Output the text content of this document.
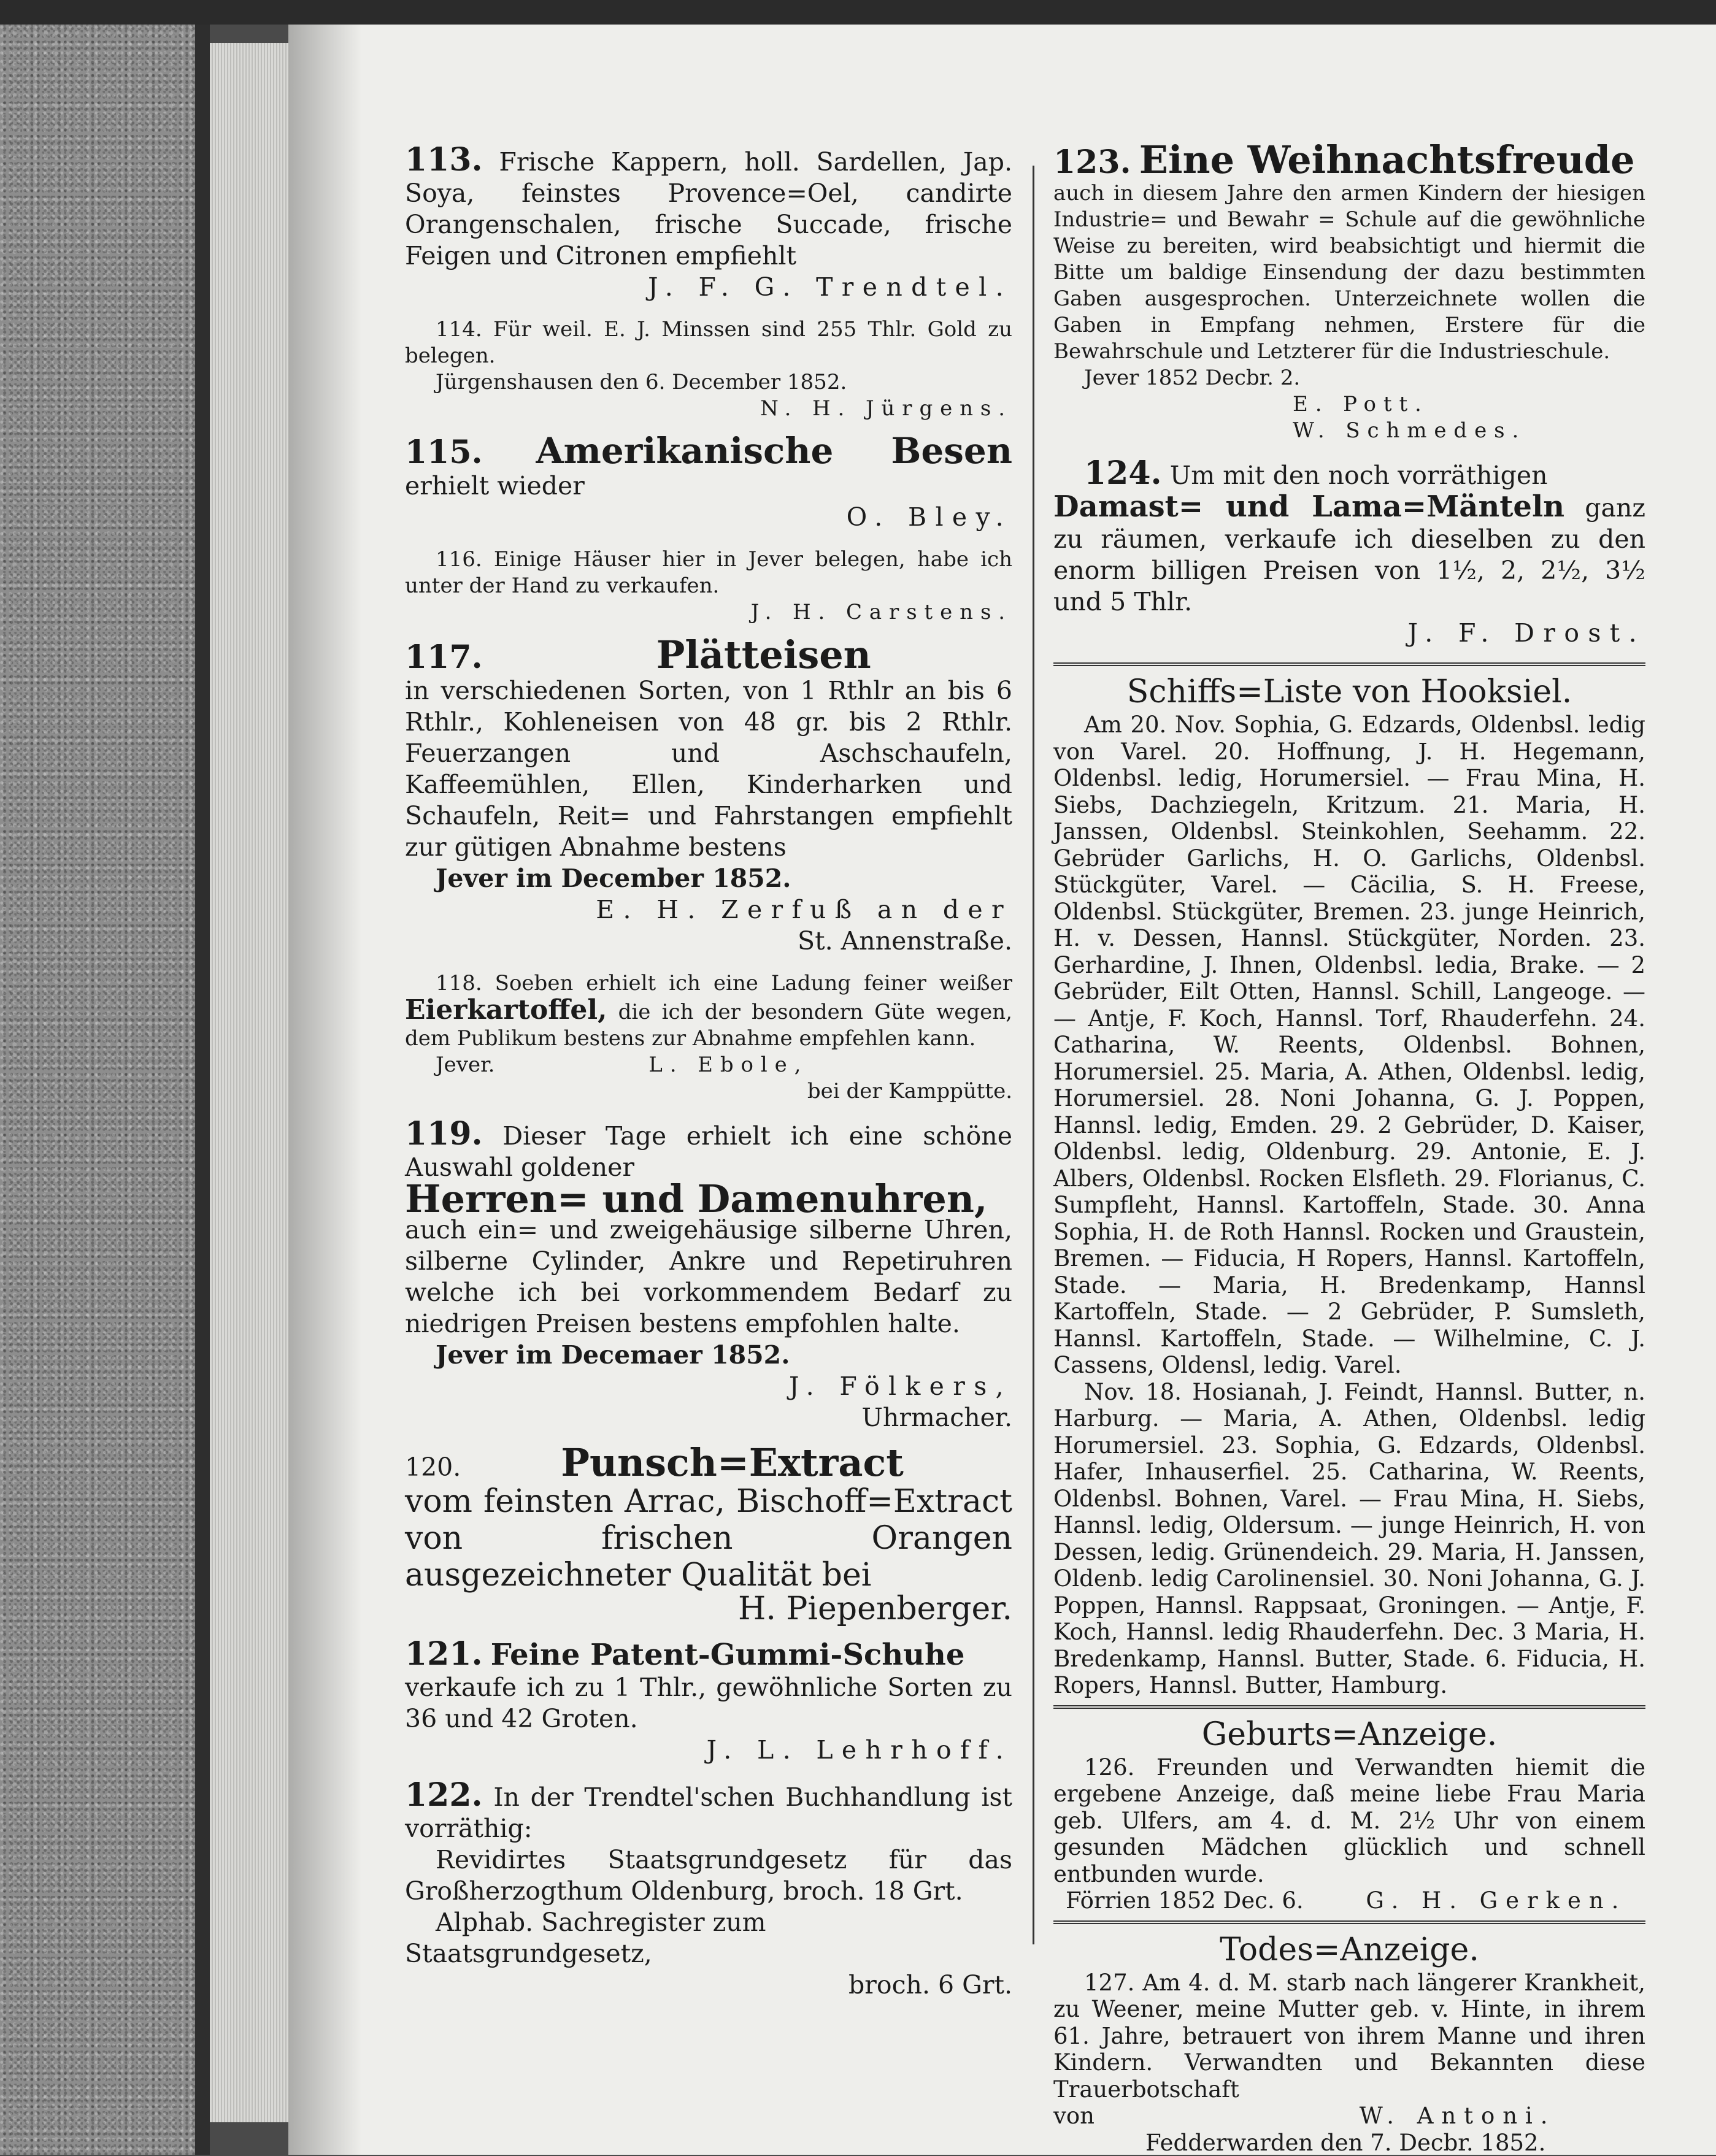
113. Frische Kappern, holl. Sardellen, Jap. Soya, feinstes Provence=Oel, candirte Orangenschalen, frische Succade, frische Feigen und Citronen empfiehlt

J. F. G. Trendtel.

114. Für weil. E. J. Minssen sind 255 Thlr. Gold zu belegen.

Jürgenshausen den 6. December 1852.

N. H. Jürgens.

115. Amerikanische Besen erhielt wieder

O. Bley.

116. Einige Häuser hier in Jever belegen, habe ich unter der Hand zu verkaufen.

J. H. Carstens.

117.	Plätteisen

in verschiedenen Sorten, von 1 Rthlr an bis 6 Rthlr., Kohleneisen von 48 gr. bis 2 Rthlr. Feuerzangen und Aschschaufeln, Kaffeemühlen, Ellen, Kinderharken und Schaufeln, Reit= und Fahrstangen empfiehlt zur gütigen Abnahme bestens

Jever im December 1852.

E. H. Zerfuß an der

St. Annenstraße.

118. Soeben erhielt ich eine Ladung feiner weißer Eierkartoffel, die ich der besondern Güte wegen, dem Publikum bestens zur Abnahme empfehlen kann.

Jever.	L. Ebole,

bei der Kamppütte.

119. Dieser Tage erhielt ich eine schöne Auswahl goldener

Herren= und Damenuhren,

auch ein= und zweigehäusige silberne Uhren, silberne Cylinder, Ankre und Repetiruhren welche ich bei vorkommendem Bedarf zu niedrigen Preisen bestens empfohlen halte.

Jever im Decemaer 1852.

J. Fölkers,

Uhrmacher.

120.	Punsch=Extract

vom feinsten Arrac, Bischoff=Extract von frischen Orangen ausgezeichneter Qualität bei

H. Piepenberger.

121. Feine Patent-Gummi-Schuhe

verkaufe ich zu 1 Thlr., gewöhnliche Sorten zu 36 und 42 Groten.

J. L. Lehrhoff.

122. In der Trendtel'schen Buchhandlung ist vorräthig:

Revidirtes Staatsgrundgesetz für das Großherzogthum Oldenburg, broch. 18 Grt.

Alphab. Sachregister zum Staatsgrundgesetz,

broch. 6 Grt.

123. Eine Weihnachtsfreude

auch in diesem Jahre den armen Kindern der hiesigen Industrie= und Bewahr = Schule auf die gewöhnliche Weise zu bereiten, wird beabsichtigt und hiermit die Bitte um baldige Einsendung der dazu bestimmten Gaben ausgesprochen. Unterzeichnete wollen die Gaben in Empfang nehmen, Erstere für die Bewahrschule und Letzterer für die Industrieschule.

Jever 1852 Decbr. 2.

E. Pott.

W. Schmedes.

124. Um mit den noch vorräthigen

Damast= und Lama=Mänteln ganz zu räumen, verkaufe ich dieselben zu den enorm billigen Preisen von 1½, 2, 2½, 3½ und 5 Thlr.

J. F. Drost.

Schiffs=Liste von Hooksiel.

Am 20. Nov. Sophia, G. Edzards, Oldenbsl. ledig von Varel. 20. Hoffnung, J. H. Hegemann, Oldenbsl. ledig, Horumersiel. — Frau Mina, H. Siebs, Dachziegeln, Kritzum. 21. Maria, H. Janssen, Oldenbsl. Steinkohlen, Seehamm. 22. Gebrüder Garlichs, H. O. Garlichs, Oldenbsl. Stückgüter, Varel. — Cäcilia, S. H. Freese, Oldenbsl. Stückgüter, Bremen. 23. junge Heinrich, H. v. Dessen, Hannsl. Stückgüter, Norden. 23. Gerhardine, J. Ihnen, Oldenbsl. ledia, Brake. — 2 Gebrüder, Eilt Otten, Hannsl. Schill, Langeoge. — — Antje, F. Koch, Hannsl. Torf, Rhauderfehn. 24. Catharina, W. Reents, Oldenbsl. Bohnen, Horumersiel. 25. Maria, A. Athen, Oldenbsl. ledig, Horumersiel. 28. Noni Johanna, G. J. Poppen, Hannsl. ledig, Emden. 29. 2 Gebrüder, D. Kaiser, Oldenbsl. ledig, Oldenburg. 29. Antonie, E. J. Albers, Oldenbsl. Rocken Elsfleth. 29. Florianus, C. Sumpfleht, Hannsl. Kartoffeln, Stade. 30. Anna Sophia, H. de Roth Hannsl. Rocken und Graustein, Bremen. — Fiducia, H Ropers, Hannsl. Kartoffeln, Stade. — Maria, H. Bredenkamp, Hannsl Kartoffeln, Stade. — 2 Gebrüder, P. Sumsleth, Hannsl. Kartoffeln, Stade. — Wilhelmine, C. J. Cassens, Oldensl, ledig. Varel.

Nov. 18. Hosianah, J. Feindt, Hannsl. Butter, n. Harburg. — Maria, A. Athen, Oldenbsl. ledig Horumersiel. 23. Sophia, G. Edzards, Oldenbsl. Hafer, Inhauserfiel. 25. Catharina, W. Reents, Oldenbsl. Bohnen, Varel. — Frau Mina, H. Siebs, Hannsl. ledig, Oldersum. — junge Heinrich, H. von Dessen, ledig. Grünendeich. 29. Maria, H. Janssen, Oldenb. ledig Carolinensiel. 30. Noni Johanna, G. J. Poppen, Hannsl. Rappsaat, Groningen. — Antje, F. Koch, Hannsl. ledig Rhauderfehn. Dec. 3 Maria, H. Bredenkamp, Hannsl. Butter, Stade. 6. Fiducia, H. Ropers, Hannsl. Butter, Hamburg.

Geburts=Anzeige.

126. Freunden und Verwandten hiemit die ergebene Anzeige, daß meine liebe Frau Maria geb. Ulfers, am 4. d. M. 2½ Uhr von einem gesunden Mädchen glücklich und schnell entbunden wurde.

Förrien 1852 Dec. 6.	G. H. Gerken.

Todes=Anzeige.

127. Am 4. d. M. starb nach längerer Krankheit, zu Weener, meine Mutter geb. v. Hinte, in ihrem 61. Jahre, betrauert von ihrem Manne und ihren Kindern. Verwandten und Bekannten diese Trauerbotschaft

von	W. Antoni.

Fedderwarden den 7. Decbr. 1852.
